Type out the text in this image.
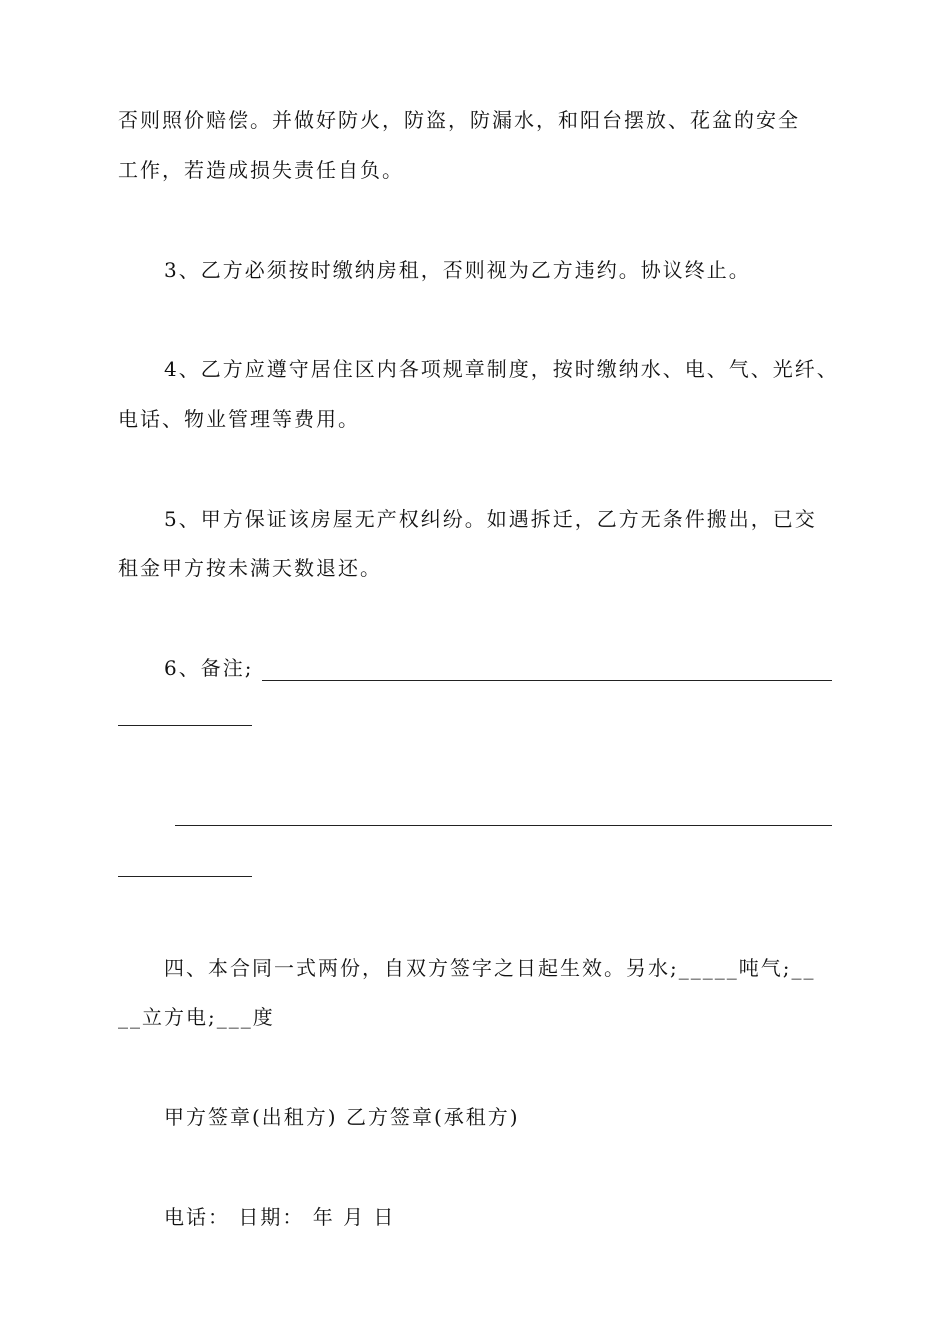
否则照价赔偿。并做好防火，防盗，防漏水，和阳台摆放、花盆的安全
工作，若造成损失责任自负。
3、乙方必须按时缴纳房租，否则视为乙方违约。协议终止。
4、乙方应遵守居住区内各项规章制度，按时缴纳水、电、气、光纤、
电话、物业管理等费用。
5、甲方保证该房屋无产权纠纷。如遇拆迁，乙方无条件搬出，已交
租金甲方按未满天数退还。
6、备注;
四、本合同一式两份，自双方签字之日起生效。另水;_____吨气;__
__立方电;___度
甲方签章(出租方) 乙方签章(承租方)
电话： 日期： 年 月 日
